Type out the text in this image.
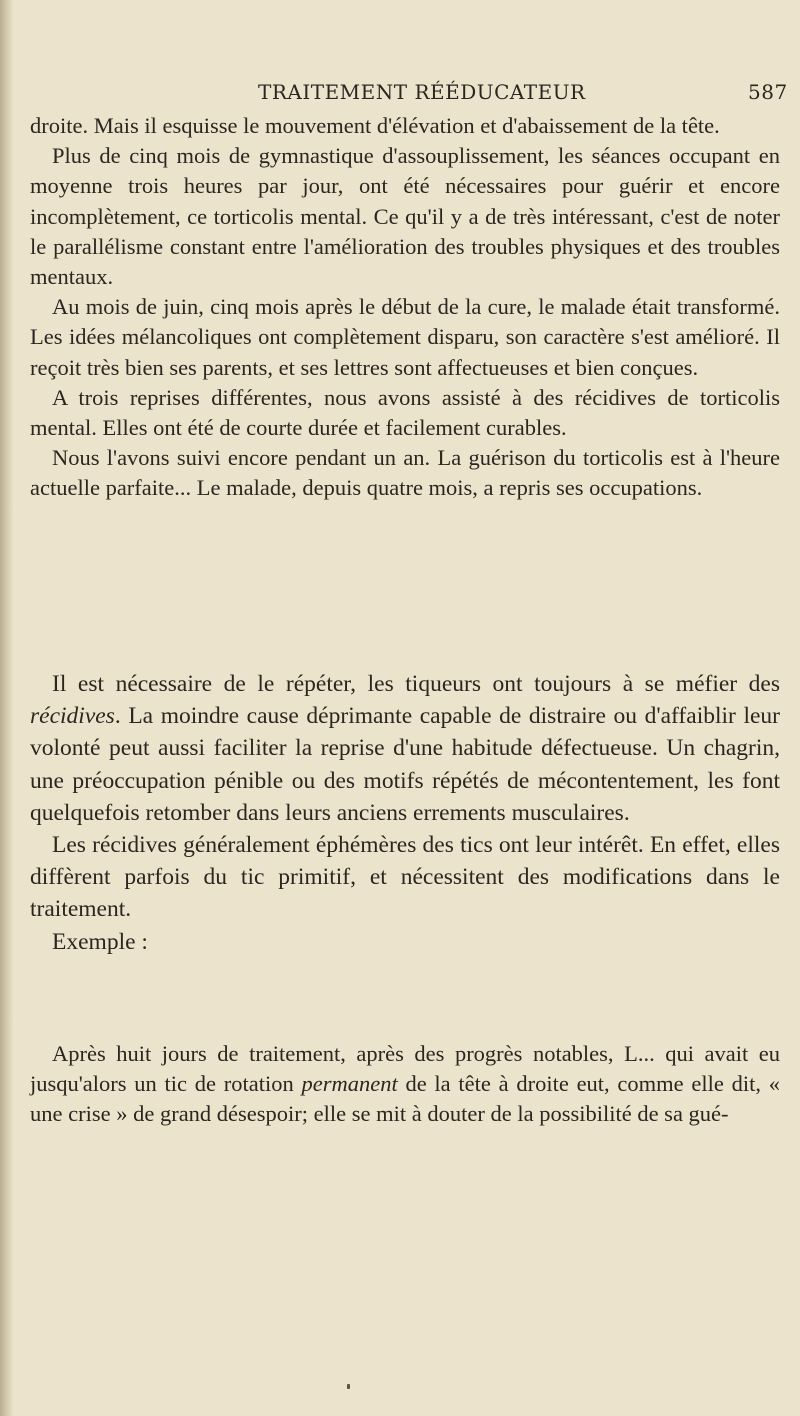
TRAITEMENT RÉÉDUCATEUR	587

droite. Mais il esquisse le mouvement d'élévation et d'abaissement de la tête.

Plus de cinq mois de gymnastique d'assouplissement, les séances occupant en moyenne trois heures par jour, ont été nécessaires pour guérir et encore incomplètement, ce torticolis mental. Ce qu'il y a de très intéressant, c'est de noter le parallélisme constant entre l'amélioration des troubles physiques et des troubles mentaux.

Au mois de juin, cinq mois après le début de la cure, le malade était transformé. Les idées mélancoliques ont complètement disparu, son caractère s'est amélioré. Il reçoit très bien ses parents, et ses lettres sont affectueuses et bien conçues.

A trois reprises différentes, nous avons assisté à des récidives de torticolis mental. Elles ont été de courte durée et facilement curables.

Nous l'avons suivi encore pendant un an. La guérison du torticolis est à l'heure actuelle parfaite... Le malade, depuis quatre mois, a repris ses occupations.

Il est nécessaire de le répéter, les tiqueurs ont toujours à se méfier des récidives. La moindre cause déprimante capable de distraire ou d'affaiblir leur volonté peut aussi faciliter la reprise d'une habitude défectueuse. Un chagrin, une préoccupation pénible ou des motifs répétés de mécontentement, les font quelquefois retomber dans leurs anciens errements musculaires.

Les récidives généralement éphémères des tics ont leur intérêt. En effet, elles diffèrent parfois du tic primitif, et nécessitent des modifications dans le traitement.

Exemple :

Après huit jours de traitement, après des progrès notables, L... qui avait eu jusqu'alors un tic de rotation permanent de la tête à droite eut, comme elle dit, « une crise » de grand désespoir; elle se mit à douter de la possibilité de sa gué-
